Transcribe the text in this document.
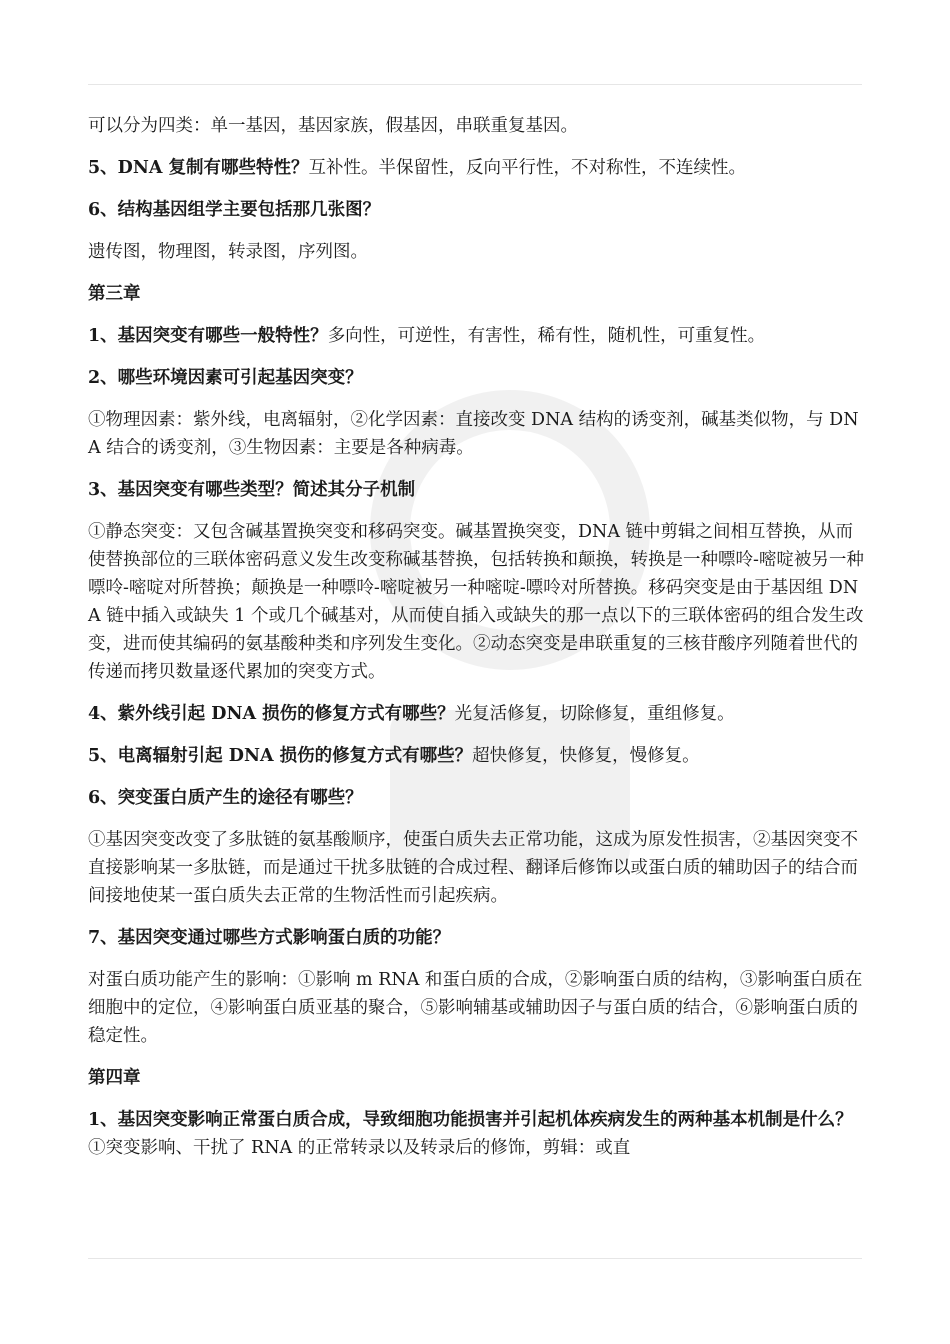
可以分为四类：单一基因，基因家族，假基因，串联重复基因。

5、DNA 复制有哪些特性？互补性。半保留性，反向平行性，不对称性，不连续性。

6、结构基因组学主要包括那几张图？

遗传图，物理图，转录图，序列图。

第三章

1、基因突变有哪些一般特性？多向性，可逆性，有害性，稀有性，随机性，可重复性。

2、哪些环境因素可引起基因突变？

①物理因素：紫外线，电离辐射，②化学因素：直接改变 DNA 结构的诱变剂，碱基类似物，与 DNA 结合的诱变剂，③生物因素：主要是各种病毒。

3、基因突变有哪些类型？简述其分子机制

①静态突变：又包含碱基置换突变和移码突变。碱基置换突变，DNA 链中剪辑之间相互替换，从而使替换部位的三联体密码意义发生改变称碱基替换，包括转换和颠换，转换是一种嘌呤-嘧啶被另一种嘌呤-嘧啶对所替换；颠换是一种嘌呤-嘧啶被另一种嘧啶-嘌呤对所替换。移码突变是由于基因组 DNA 链中插入或缺失 1 个或几个碱基对，从而使自插入或缺失的那一点以下的三联体密码的组合发生改变，进而使其编码的氨基酸种类和序列发生变化。②动态突变是串联重复的三核苷酸序列随着世代的传递而拷贝数量逐代累加的突变方式。

4、紫外线引起 DNA 损伤的修复方式有哪些？光复活修复，切除修复，重组修复。

5、电离辐射引起 DNA 损伤的修复方式有哪些？超快修复，快修复，慢修复。

6、突变蛋白质产生的途径有哪些？

①基因突变改变了多肽链的氨基酸顺序，使蛋白质失去正常功能，这成为原发性损害，②基因突变不直接影响某一多肽链，而是通过干扰多肽链的合成过程、翻译后修饰以或蛋白质的辅助因子的结合而间接地使某一蛋白质失去正常的生物活性而引起疾病。

7、基因突变通过哪些方式影响蛋白质的功能？

对蛋白质功能产生的影响：①影响 m RNA 和蛋白质的合成，②影响蛋白质的结构，③影响蛋白质在细胞中的定位，④影响蛋白质亚基的聚合，⑤影响辅基或辅助因子与蛋白质的结合，⑥影响蛋白质的稳定性。

第四章

1、基因突变影响正常蛋白质合成，导致细胞功能损害并引起机体疾病发生的两种基本机制是什么？①突变影响、干扰了 RNA 的正常转录以及转录后的修饰，剪辑：或直
